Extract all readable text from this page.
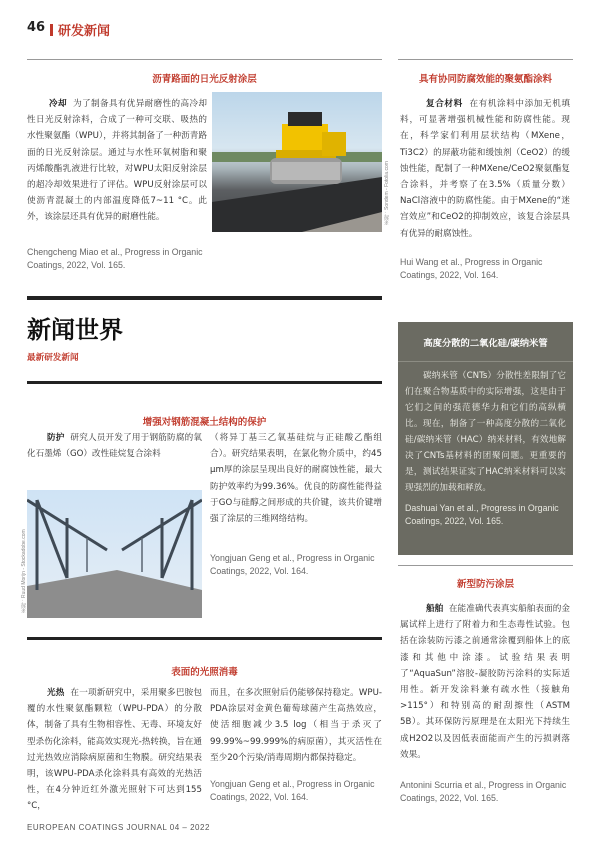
46 研发新闻
沥青路面的日光反射涂层
冷却 为了制备具有优异耐磨性的高冷却性日光反射涂料，合成了一种可交联、吸热的水性聚氨酯（WPU），并将其制备了一种沥青路面的日光反射涂层。通过与水性环氧树脂和聚丙烯酸酯乳液进行比较，对WPU太阳反射涂层的超冷却效果进行了评估。WPU反射涂层可以使沥青混凝土的内部温度降低7~11 °C。此外，该涂层还具有优异的耐磨性能。	来源：Sondem - Fotolia.com
Chengcheng Miao et al., Progress in Organic Coatings, 2022, Vol. 165.
具有协同防腐效能的聚氨酯涂料
复合材料 在有机涂料中添加无机填料，可显著增强机械性能和防腐性能。现在，科学家们利用层状结构（MXene，Ti3C2）的屏蔽功能和缓蚀剂（CeO2）的缓蚀性能，配制了一种MXene/CeO2聚氨酯复合涂料，并考察了在3.5%（质量分数）NaCl溶液中的防腐性能。由于MXene的“迷宫效应”和CeO2的抑制效应，该复合涂层具有优异的耐腐蚀性。
Hui Wang et al., Progress in Organic Coatings, 2022, Vol. 164.
新闻世界
最新研发新闻
高度分散的二氧化硅/碳纳米管
碳纳米管（CNTs）分散性差限制了它们在聚合物基质中的实际增强，这是由于它们之间的强范德华力和它们的高纵横比。现在，制备了一种高度分散的二氧化硅/碳纳米管（HAC）纳米材料，有效地解决了CNTs基材料的团聚问题。更重要的是，测试结果证实了HAC纳米材料可以实现强烈的加载和释放。
Dashuai Yan et al., Progress in Organic Coatings, 2022, Vol. 165.
增强对钢筋混凝土结构的保护
防护 研究人员开发了用于钢筋防腐的氧化石墨烯（GO）改性硅烷复合涂料
来源：Ruud Morijn - Stockadobe.com
（将异丁基三乙氧基硅烷与正硅酸乙酯组合）。研究结果表明，在氯化物介质中，约45 μm厚的涂层呈现出良好的耐腐蚀性能，最大防护效率约为99.36%。优良的防腐性能得益于GO与硅醇之间形成的共价键，该共价键增强了涂层的三维网络结构。
Yongjuan Geng et al., Progress in Organic Coatings, 2022, Vol. 164.
新型防污涂层
船舶 在能准确代表真实船舶表面的金属试样上进行了附着力和生态毒性试验。包括在涂装防污漆之前通常涂覆到船体上的底漆和其他中涂漆。试验结果表明了“AquaSun”溶胶-凝胶防污涂料的实际适用性。新开发涂料兼有疏水性（接触角>115°）和特别高的耐刮擦性（ASTM 5B）。其环保防污原理是在太阳光下持续生成H2O2以及因低表面能而产生的污损剥落效果。
Antonini Scurria et al., Progress in Organic Coatings, 2022, Vol. 165.
表面的光照消毒
光热 在一项新研究中，采用聚多巴胺包覆的水性聚氨酯颗粒（WPU-PDA）的分散体，制备了具有生物相容性、无毒、环境友好型杀伤化涂料，能高效实现光-热转换，旨在通过光热效应消除病原菌和生物膜。研究结果表明，该WPU-PDA杀化涂料具有高效的光热活性，在4分钟近红外激光照射下可达到155 °C，
而且，在多次照射后仍能够保持稳定。WPU-PDA涂层对金黄色葡萄球菌产生高热效应，使活细胞减少3.5 log（相当于杀灭了99.99%~99.999%的病原菌），其灭活性在至少20个污染/消毒周期内都保持稳定。
Yongjuan Geng et al., Progress in Organic Coatings, 2022, Vol. 164.
EUROPEAN COATINGS JOURNAL 04 – 2022
